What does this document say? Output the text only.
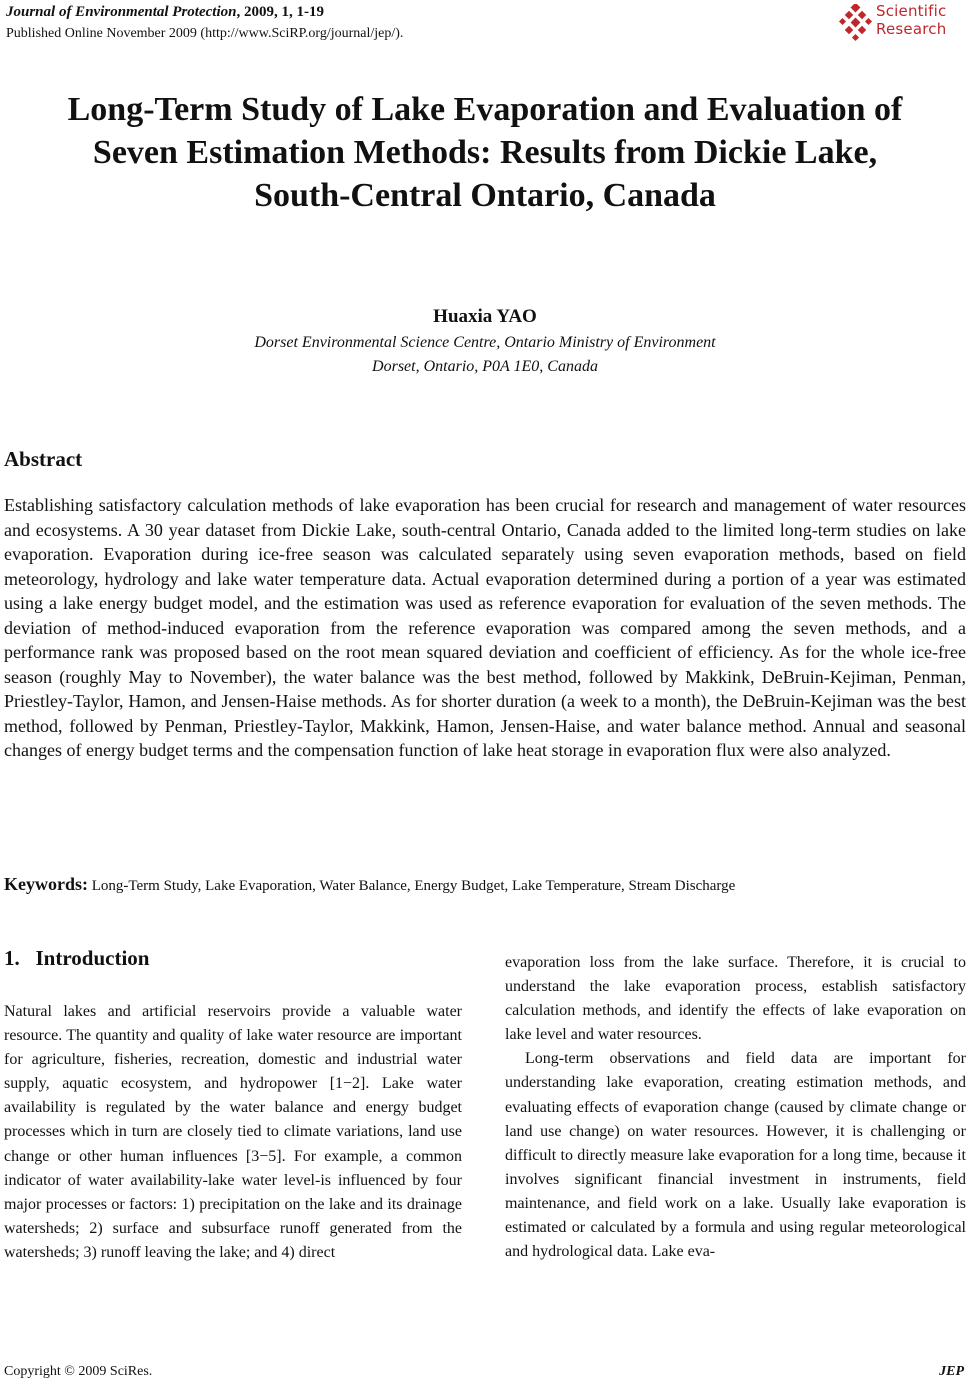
Journal of Environmental Protection, 2009, 1, 1-19
Published Online November 2009 (http://www.SciRP.org/journal/jep/).
Scientific
Research
Long-Term Study of Lake Evaporation and Evaluation of
Seven Estimation Methods: Results from Dickie Lake,
South-Central Ontario, Canada
Huaxia YAO
Dorset Environmental Science Centre, Ontario Ministry of Environment
Dorset, Ontario, P0A 1E0, Canada
Abstract
Establishing satisfactory calculation methods of lake evaporation has been crucial for research and management of water resources and ecosystems. A 30 year dataset from Dickie Lake, south-central Ontario, Canada added to the limited long-term studies on lake evaporation. Evaporation during ice-free season was calculated separately using seven evaporation methods, based on field meteorology, hydrology and lake water temperature data. Actual evaporation determined during a portion of a year was estimated using a lake energy budget model, and the estimation was used as reference evaporation for evaluation of the seven methods. The deviation of method-induced evaporation from the reference evaporation was compared among the seven methods, and a performance rank was proposed based on the root mean squared deviation and coefficient of efficiency. As for the whole ice-free season (roughly May to November), the water balance was the best method, followed by Makkink, DeBruin-Kejiman, Penman, Priestley-Taylor, Hamon, and Jensen-Haise methods. As for shorter duration (a week to a month), the DeBruin-Kejiman was the best method, followed by Penman, Priestley-Taylor, Makkink, Hamon, Jensen-Haise, and water balance method. Annual and seasonal changes of energy budget terms and the compensation function of lake heat storage in evaporation flux were also analyzed.
Keywords: Long-Term Study, Lake Evaporation, Water Balance, Energy Budget, Lake Temperature, Stream Discharge
1.   Introduction

Natural lakes and artificial reservoirs provide a valuable water resource. The quantity and quality of lake water resource are important for agriculture, fisheries, recreation, domestic and industrial water supply, aquatic ecosystem, and hydropower [1−2]. Lake water availability is regulated by the water balance and energy budget processes which in turn are closely tied to climate variations, land use change or other human influences [3−5]. For example, a common indicator of water availability-lake water level-is influenced by four major processes or factors: 1) precipitation on the lake and its drainage watersheds; 2) surface and subsurface runoff generated from the watersheds; 3) runoff leaving the lake; and 4) direct

evaporation loss from the lake surface. Therefore, it is crucial to understand the lake evaporation process, establish satisfactory calculation methods, and identify the effects of lake evaporation on lake level and water resources.

Long-term observations and field data are important for understanding lake evaporation, creating estimation methods, and evaluating effects of evaporation change (caused by climate change or land use change) on water resources. However, it is challenging or difficult to directly measure lake evaporation for a long time, because it involves significant financial investment in instruments, field maintenance, and field work on a lake. Usually lake evaporation is estimated or calculated by a formula and using regular meteorological and hydrological data. Lake eva-

Copyright © 2009 SciRes.	JEP
